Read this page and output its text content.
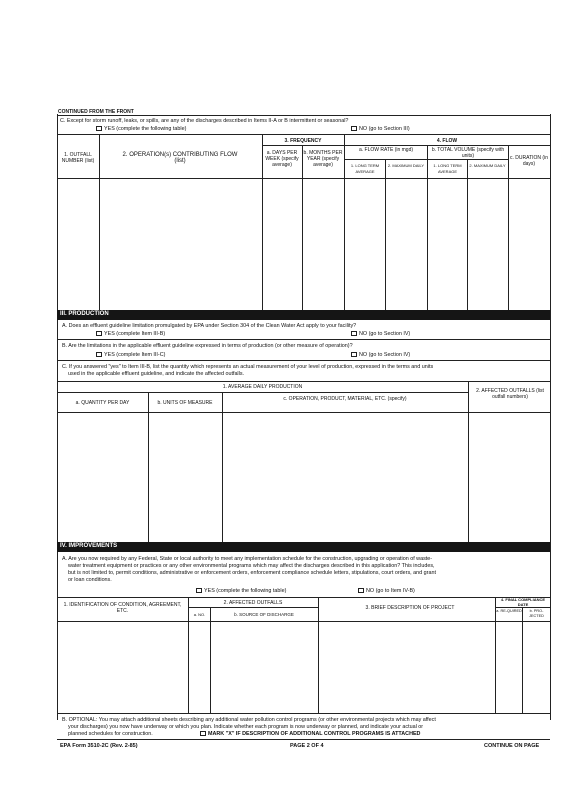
CONTINUED FROM THE FRONT
C. Except for storm runoff, leaks, or spills, are any of the discharges described in Items II-A or B intermittent or seasonal?
YES (complete the following table)	NO (go to Section III)
1. OUTFALL NUMBER (list)
2. OPERATION(s) CONTRIBUTING FLOW (list)
3. FREQUENCY
a. DAYS PER WEEK (specify average)
b. MONTHS PER YEAR (specify average)
4. FLOW
a. FLOW RATE (in mgd)
1. LONG TERM AVERAGE
2. MAXIMUM DAILY
b. TOTAL VOLUME (specify with units)
1. LONG TERM AVERAGE
2. MAXIMUM DAILY
c. DURATION (in days)
III. PRODUCTION
A. Does an effluent guideline limitation promulgated by EPA under Section 304 of the Clean Water Act apply to your facility?
YES (complete Item III-B)	NO (go to Section IV)
B. Are the limitations in the applicable effluent guideline expressed in terms of production (or other measure of operation)?
YES (complete Item III-C)	NO (go to Section IV)
C. If you answered "yes" to Item III-B, list the quantity which represents an actual measurement of your level of production, expressed in the terms and units
used in the applicable effluent guideline, and indicate the affected outfalls.
1. AVERAGE DAILY PRODUCTION
a. QUANTITY PER DAY	b. UNITS OF MEASURE
c. OPERATION, PRODUCT, MATERIAL, ETC. (specify)
2. AFFECTED OUTFALLS (list outfall numbers)
IV. IMPROVEMENTS
A. Are you now required by any Federal, State or local authority to meet any implementation schedule for the construction, upgrading or operation of waste-
water treatment equipment or practices or any other environmental programs which may affect the discharges described in this application? This includes,
but is not limited to, permit conditions, administrative or enforcement orders, enforcement compliance schedule letters, stipulations, court orders, and grant
or loan conditions.
YES (complete the following table)	NO (go to Item IV-B)
1. IDENTIFICATION OF CONDITION, AGREEMENT, ETC.
2. AFFECTED OUTFALLS
a. NO.	b. SOURCE OF DISCHARGE
3. BRIEF DESCRIPTION OF PROJECT
4. FINAL COMPLIANCE DATE
a. RE-QUIRED	b. PRO-JECTED
B. OPTIONAL: You may attach additional sheets describing any additional water pollution control programs (or other environmental projects which may affect
your discharges) you now have underway or which you plan. Indicate whether each program is now underway or planned, and indicate your actual or
planned schedules for construction.	MARK "X" IF DESCRIPTION OF ADDITIONAL CONTROL PROGRAMS IS ATTACHED
EPA Form 3510-2C (Rev. 2-85)	PAGE 2 OF 4	CONTINUE ON PAGE
